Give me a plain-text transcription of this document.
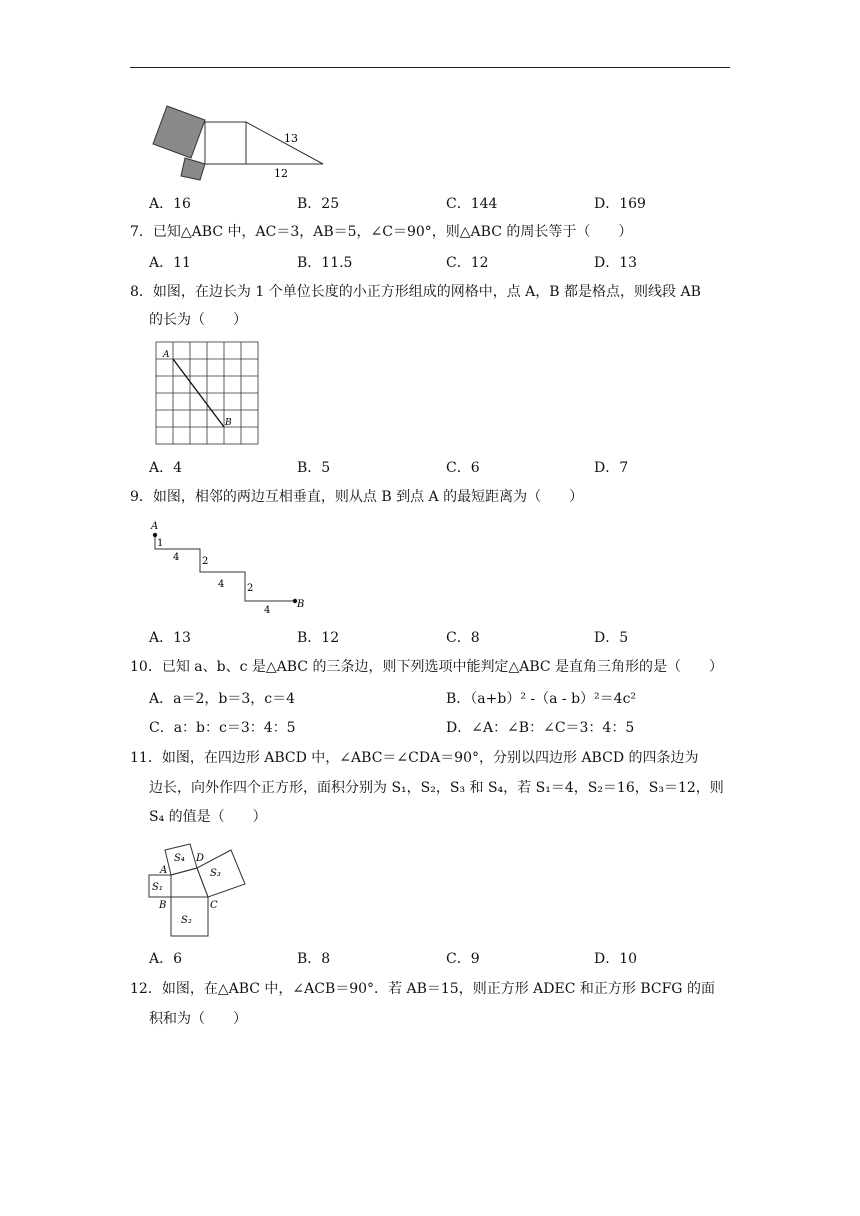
13
12
A．16	B．25	C．144	D．169
7．已知△ABC 中，AC＝3，AB＝5，∠C＝90°，则△ABC 的周长等于（　　）
A．11	B．11.5	C．12	D．13
8．如图，在边长为 1 个单位长度的小正方形组成的网格中，点 A，B 都是格点，则线段 AB
的长为（　　）
A
B
A．4	B．5	C．6	D．7
9．如图，相邻的两边互相垂直，则从点 B 到点 A 的最短距离为（　　）
A
1
4 2
4 2
4
B
A．13	B．12	C．8	D．5
10．已知 a、b、c 是△ABC 的三条边，则下列选项中能判定△ABC 是直角三角形的是（　　）
A．a＝2，b＝3，c＝4	B．（a+b）² -（a - b）²＝4c²
C．a：b：c＝3：4：5	D．∠A：∠B：∠C＝3：4：5
11．如图，在四边形 ABCD 中，∠ABC＝∠CDA＝90°，分别以四边形 ABCD 的四条边为
边长，向外作四个正方形，面积分别为 S₁，S₂，S₃ 和 S₄，若 S₁＝4，S₂＝16，S₃＝12，则
S₄ 的值是（　　）
S₄ D
A	S₃
S₁
B	C
S₂
A．6	B．8	C．9	D．10
12．如图，在△ABC 中，∠ACB＝90°．若 AB＝15，则正方形 ADEC 和正方形 BCFG 的面
积和为（　　）
